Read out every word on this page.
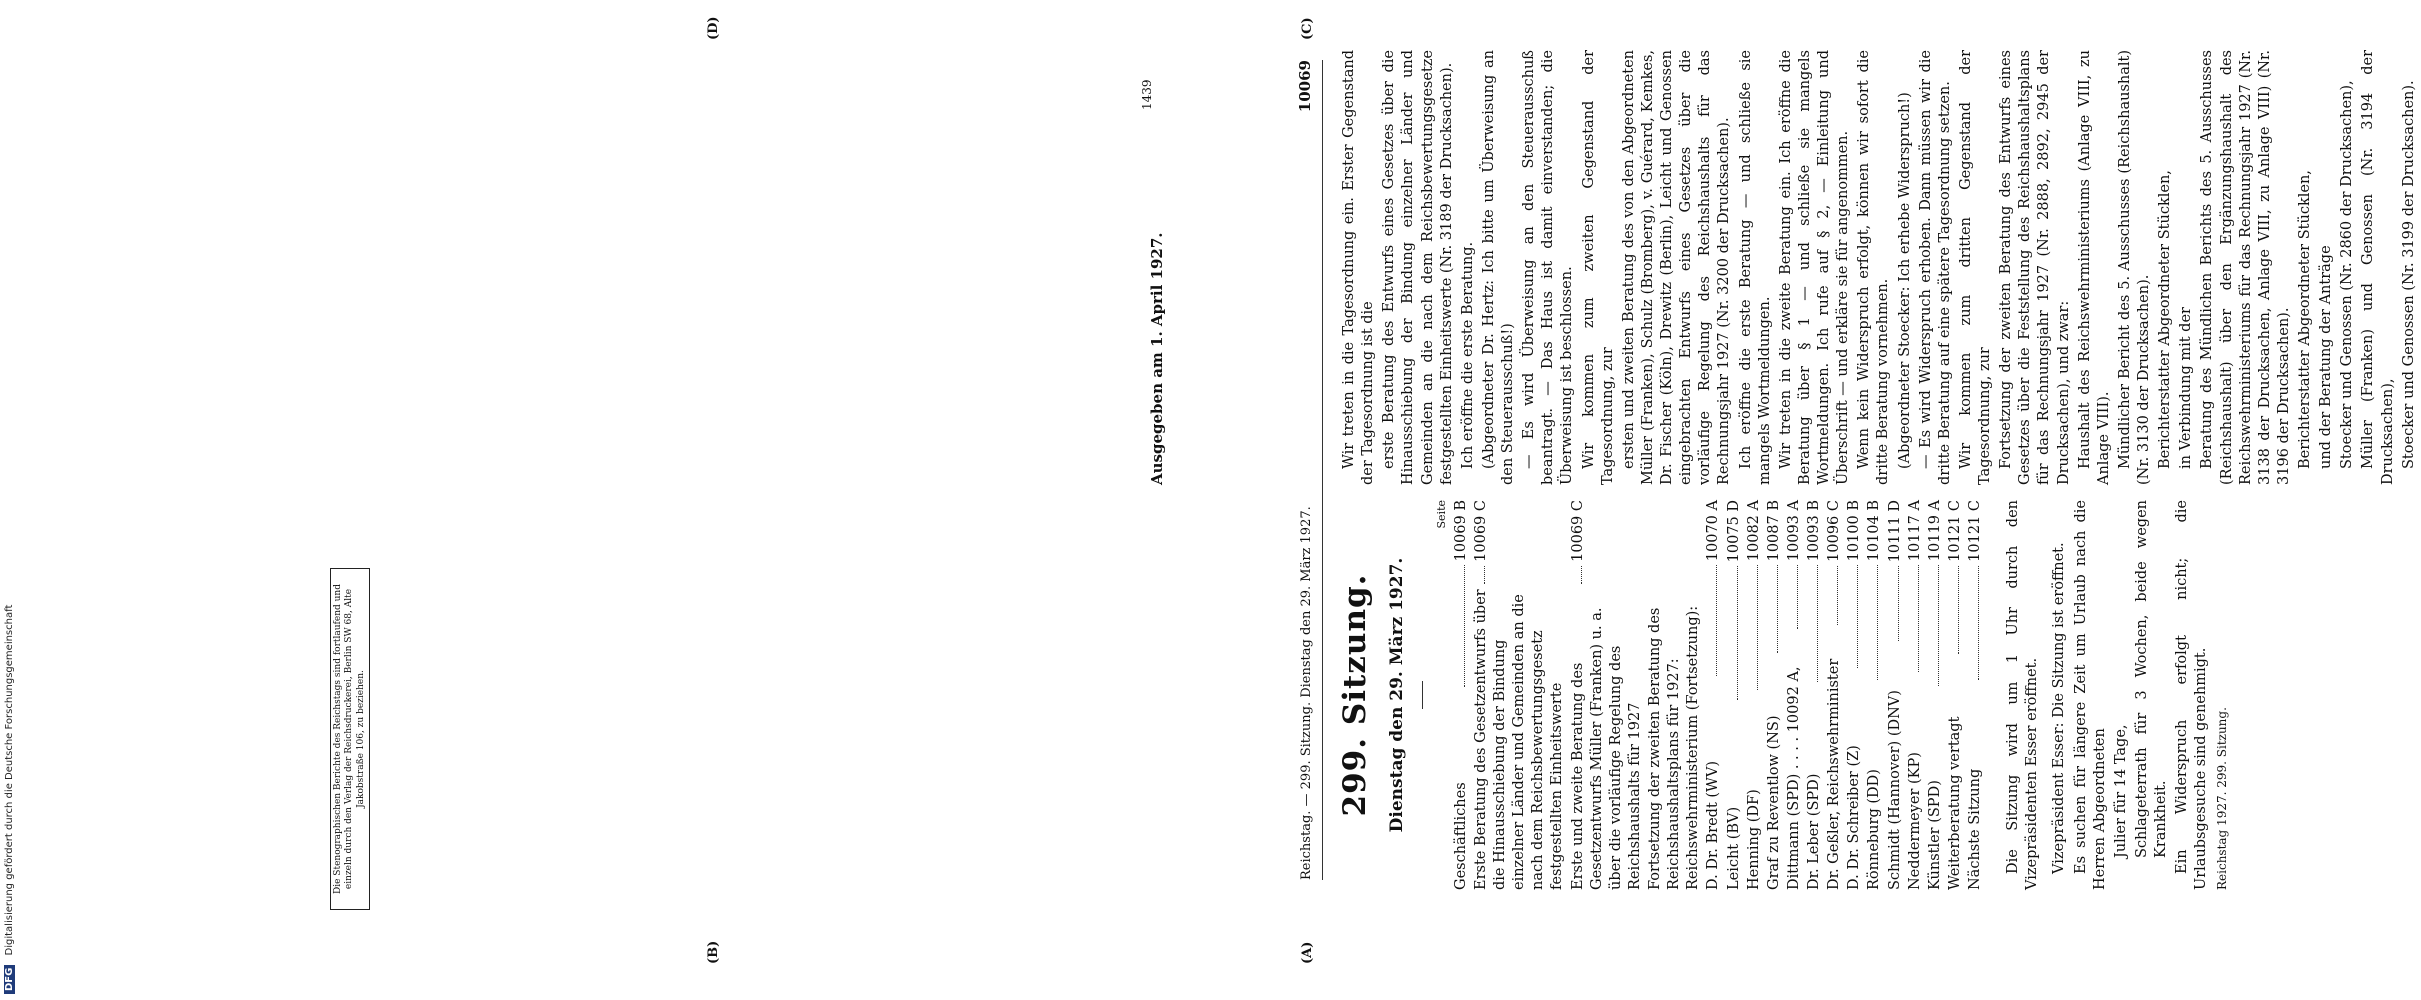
(A)
(B)
(C)
(D)
Reichstag. — 299. Sitzung. Dienstag den 29. März 1927.
10069
299. Sitzung. Dienstag den 29. März 1927.
Seite
Geschäftliches
10069 B
Erste Beratung des Gesetzentwurfs über die Hinausschiebung der Bindung einzelner Länder und Gemeinden an die nach dem Reichsbewertungsgesetz festgestellten Einheitswerte
10069 C
Erste und zweite Beratung des Gesetzentwurfs Müller (Franken) u. a. über die vorläufige Regelung des Reichshaushalts für 1927
10069 C
Fortsetzung der zweiten Beratung des Reichshaushaltsplans für 1927: Reichswehrministerium (Fortsetzung): D. Dr. Bredt (WV)
10070 A
Leicht (BV)
10075 D
Henning (DF)
10082 A
Graf zu Reventlow (NS)
10087 B
Dittmann (SPD) . . . . 10092 A,
10093 A
Dr. Leber (SPD)
10093 B
Dr. Geßler, Reichswehrminister
10096 C
D. Dr. Schreiber (Z)
10100 B
Rönneburg (DD)
10104 B
Schmidt (Hannover) (DNV)
10111 D
Neddermeyer (KP)
10117 A
Künstler (SPD)
10119 A
Weiterberatung vertagt
10121 C
Nächste Sitzung
10121 C Die Sitzung wird um 1 Uhr durch den Vizepräsidenten Esser eröffnet. Vizepräsident Esser: Die Sitzung ist eröffnet. Es suchen für längere Zeit um Urlaub nach die Herren Abgeordneten Julier für 14 Tage, Schlageterrath für 3 Wochen, beide wegen Krankheit. Ein Widerspruch erfolgt nicht; die Urlaubsgesuche sind genehmigt. Reichstag 1927. 299. Sitzung.

Wir treten in die Tagesordnung ein. Erster Gegenstand der Tagesordnung ist die erste Beratung des Entwurfs eines Gesetzes über die Hinausschiebung der Bindung einzelner Länder und Gemeinden an die nach dem Reichsbewertungsgesetze festgestellten Einheitswerte (Nr. 3189 der Drucksachen). Ich eröffne die erste Beratung. (Abgeordneter Dr. Hertz: Ich bitte um Überweisung an den Steuerausschuß!) — Es wird Überweisung an den Steuerausschuß beantragt. — Das Haus ist damit einverstanden; die Überweisung ist beschlossen. Wir kommen zum zweiten Gegenstand der Tagesordnung, zur ersten und zweiten Beratung des von den Abgeordneten Müller (Franken), Schulz (Bromberg), v. Guérard, Kemkes, Dr. Fischer (Köln), Drewitz (Berlin), Leicht und Genossen eingebrachten Entwurfs eines Gesetzes über die vorläufige Regelung des Reichshaushalts für das Rechnungsjahr 1927 (Nr. 3200 der Drucksachen). Ich eröffne die erste Beratung — und schließe sie mangels Wortmeldungen. Wir treten in die zweite Beratung ein. Ich eröffne die Beratung über § 1 — und schließe sie mangels Wortmeldungen. Ich rufe auf § 2, — Einleitung und Überschrift — und erkläre sie für angenommen. Wenn kein Widerspruch erfolgt, können wir sofort die dritte Beratung vornehmen. (Abgeordneter Stoecker: Ich erhebe Widerspruch!) — Es wird Widerspruch erhoben. Dann müssen wir die dritte Beratung auf eine spätere Tagesordnung setzen. Wir kommen zum dritten Gegenstand der Tagesordnung, zur Fortsetzung der zweiten Beratung des Entwurfs eines Gesetzes über die Feststellung des Reichshaushaltsplans für das Rechnungsjahr 1927 (Nr. 2888, 2892, 2945 der Drucksachen), und zwar: Haushalt des Reichswehrministeriums (Anlage VIII, zu Anlage VIII). Mündlicher Bericht des 5. Ausschusses (Reichshaushalt) (Nr. 3130 der Drucksachen). Berichterstatter Abgeordneter Stücklen, in Verbindung mit der Beratung des Mündlichen Berichts des 5. Ausschusses (Reichshaushalt) über den Ergänzungshaushalt des Reichswehrministeriums für das Rechnungsjahr 1927 (Nr. 3138 der Drucksachen, Anlage VIII, zu Anlage VIII) (Nr. 3196 der Drucksachen). Berichterstatter Abgeordneter Stücklen, und der Beratung der Anträge Stoecker und Genossen (Nr. 2860 der Drucksachen), Müller (Franken) und Genossen (Nr. 3194 der Drucksachen), Stoecker und Genossen (Nr. 3199 der Drucksachen).

Ausgegeben am 1. April 1927.
Die Stenographischen Berichte des Reichstags sind fortlaufend und einzeln durch den Verlag der Reichsdruckerei, Berlin SW 68, Alte Jakobstraße 106, zu beziehen.
1439
DFG Digitalisierung gefördert durch die Deutsche Forschungsgemeinschaft
